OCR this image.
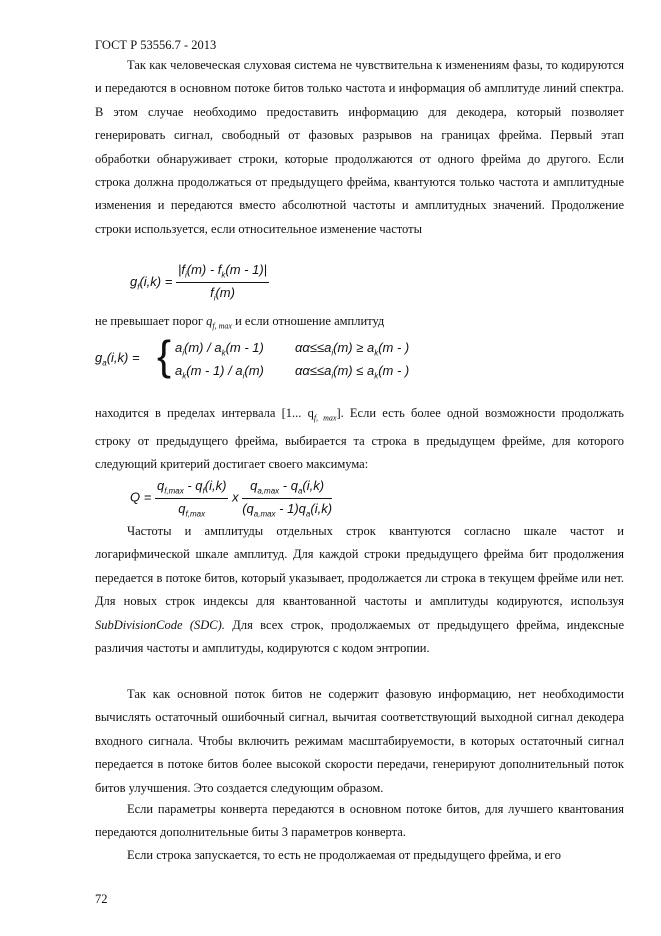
ГОСТ Р 53556.7 - 2013

Так как человеческая слуховая система не чувствительна к изменениям фазы, то кодируются и передаются в основном потоке битов только частота и информация об амплитуде линий спектра. В этом случае необходимо предоставить информацию для декодера, который позволяет генерировать сигнал, свободный от фазовых разрывов на границах фрейма. Первый этап обработки обнаруживает строки, которые продолжаются от одного фрейма до другого. Если строка должна продолжаться от предыдущего фрейма, квантуются только частота и амплитудные изменения и передаются вместо абсолютной частоты и амплитудных значений. Продолжение строки используется, если относительное изменение частоты

$g_f(i,k) = \frac{|f_i(m) - f_k(m - 1)|}{f_i(m)}$

не превышает порог $q_{f, max}$ и если отношение амплитуд

$g_a(i,k)$ = { $a_i(m) / a_k(m - 1) \alpha\alpha\le\le a_i(m) \ge a_k(m$ - )
$a_k(m - 1) / a_i(m) \alpha\alpha\le\le a_i(m) \le a_k(m$ - )

находится в пределах интервала [1... $q_{f, max}$]. Если есть более одной возможности продолжать строку от предыдущего фрейма, выбирается та строка в предыдущем фрейме, для которого следующий критерий достигает своего максимума:

$Q = \frac{q_{f,max} - q_f(i,k)}{q_{f,max}}$ x $\frac{q_{a,max} - q_a(i,k)}{(q_{a,max} - 1)q_a(i,k)}$

Частоты и амплитуды отдельных строк квантуются согласно шкале частот и логарифмической шкале амплитуд. Для каждой строки предыдущего фрейма бит продолжения передается в потоке битов, который указывает, продолжается ли строка в текущем фрейме или нет. Для новых строк индексы для квантованной частоты и амплитуды кодируются, используя SubDivisionCode (SDC). Для всех строк, продолжаемых от предыдущего фрейма, индексные различия частоты и амплитуды, кодируются с кодом энтропии.

Так как основной поток битов не содержит фазовую информацию, нет необходимости вычислять остаточный ошибочный сигнал, вычитая соответствующий выходной сигнал декодера входного сигнала. Чтобы включить режимам масштабируемости, в которых остаточный сигнал передается в потоке битов более высокой скорости передачи, генерируют дополнительный поток битов улучшения. Это создается следующим образом.

Если параметры конверта передаются в основном потоке битов, для лучшего квантования передаются дополнительные биты 3 параметров конверта.

Если строка запускается, то есть не продолжаемая от предыдущего фрейма, и его

72
